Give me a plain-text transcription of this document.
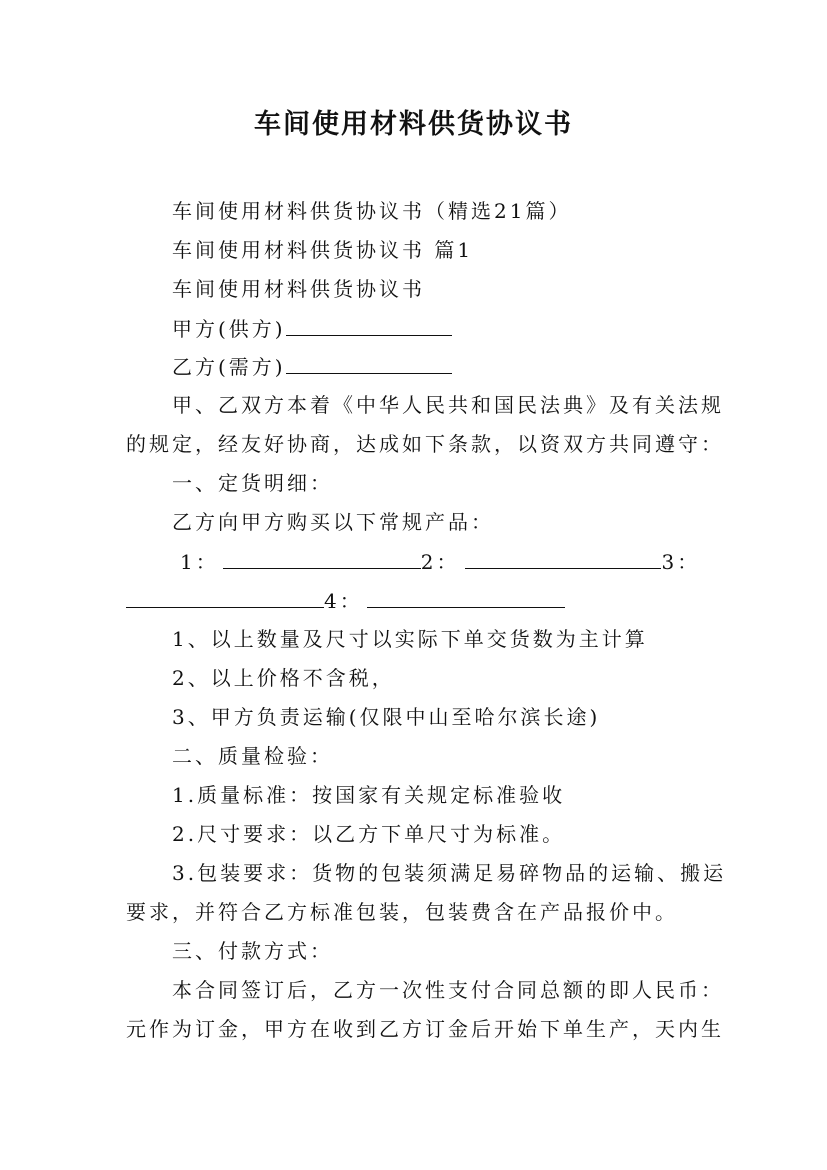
车间使用材料供货协议书
车间使用材料供货协议书（精选21篇）
车间使用材料供货协议书 篇1
车间使用材料供货协议书
甲方(供方)
乙方(需方)
甲、乙双方本着《中华人民共和国民法典》及有关法规
的规定，经友好协商，达成如下条款，以资双方共同遵守：
一、定货明细：
乙方向甲方购买以下常规产品：
1：	2：	3：
4：
1、以上数量及尺寸以实际下单交货数为主计算
2、以上价格不含税，
3、甲方负责运输(仅限中山至哈尔滨长途)
二、质量检验：
1.质量标准：按国家有关规定标准验收
2.尺寸要求：以乙方下单尺寸为标准。
3.包装要求：货物的包装须满足易碎物品的运输、搬运
要求，并符合乙方标准包装，包装费含在产品报价中。
三、付款方式：
本合同签订后，乙方一次性支付合同总额的即人民币：
元作为订金，甲方在收到乙方订金后开始下单生产，天内生
